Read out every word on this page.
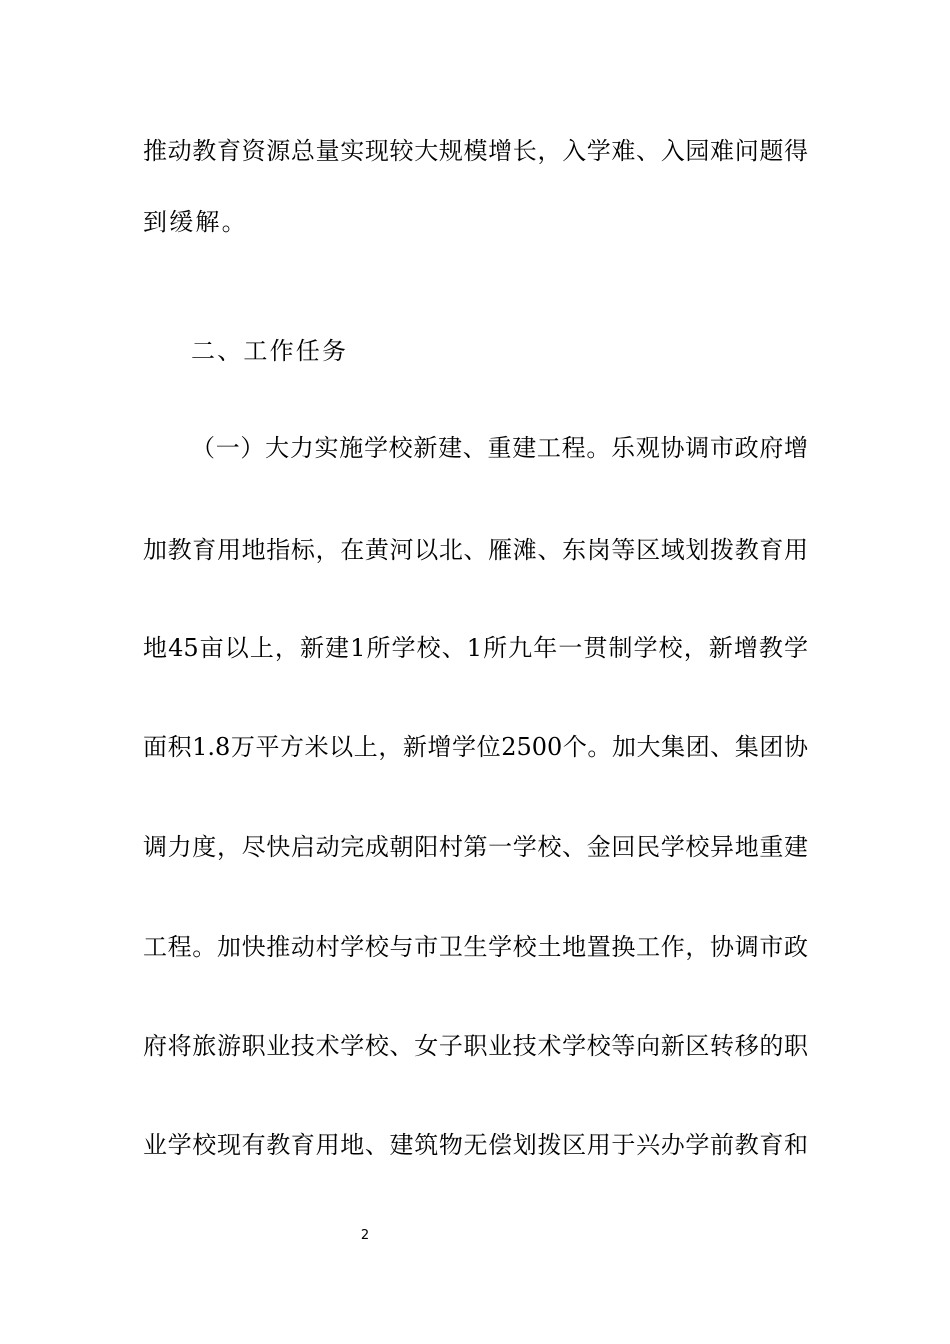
推动教育资源总量实现较大规模增长，入学难、入园难问题得
到缓解。
二、工作任务
（一）大力实施学校新建、重建工程。乐观协调市政府增
加教育用地指标，在黄河以北、雁滩、东岗等区域划拨教育用
地45亩以上，新建1所学校、1所九年一贯制学校，新增教学
面积1.8万平方米以上，新增学位2500个。加大集团、集团协
调力度，尽快启动完成朝阳村第一学校、金回民学校异地重建
工程。加快推动村学校与市卫生学校土地置换工作，协调市政
府将旅游职业技术学校、女子职业技术学校等向新区转移的职
业学校现有教育用地、建筑物无偿划拨区用于兴办学前教育和
2
